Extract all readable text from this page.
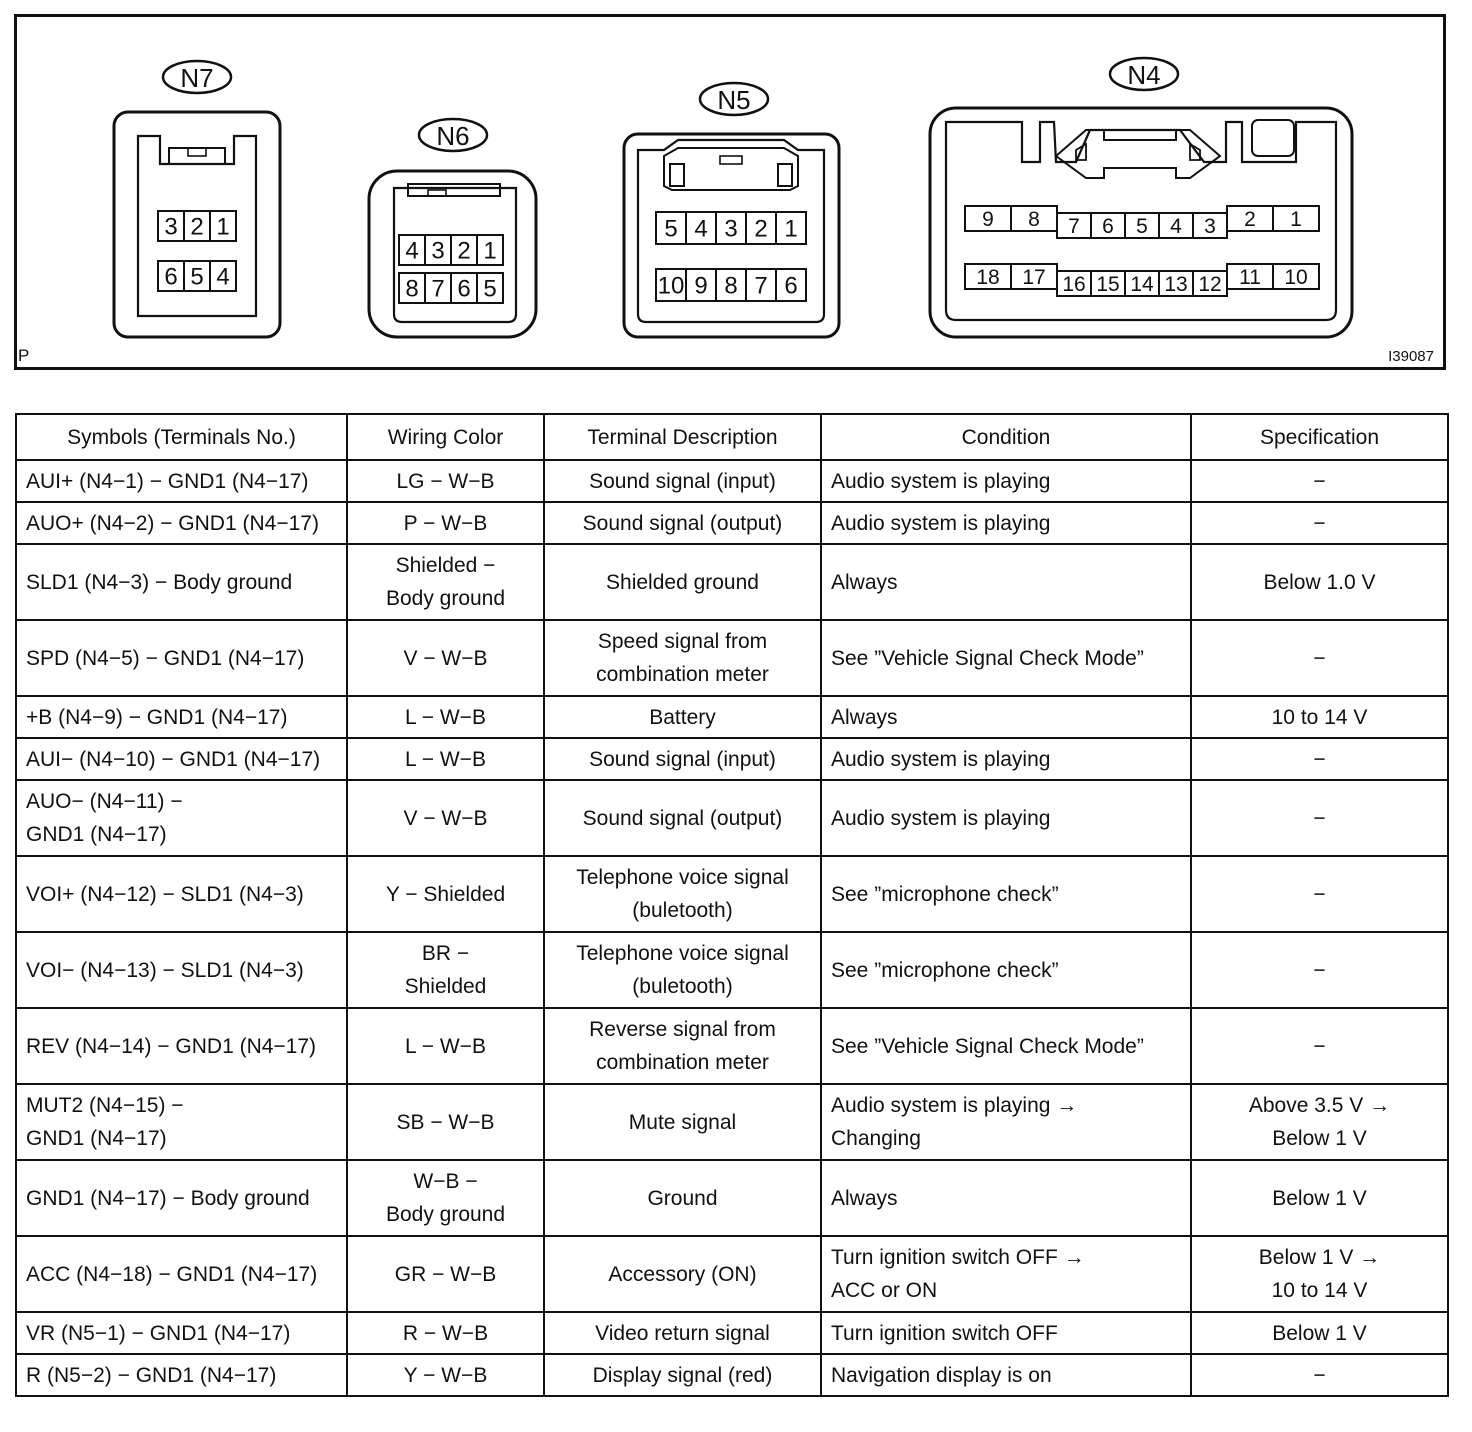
P	I39087
N7
3 2 1
6 5 4
N6
4 3 2 1
8 7 6 5
N5
5 4 3 2 1
10 9 8 7 6
N4
9 8 7 6 5 4 3 2 1
18 17 16 15 14 13 12 11 10
Symbols (Terminals No.)	Wiring Color	Terminal Description	Condition	Specification

AUI+ (N4−1) − GND1 (N4−17)	LG − W−B	Sound signal (input)	Audio system is playing	−

AUO+ (N4−2) − GND1 (N4−17)	P − W−B	Sound signal (output)	Audio system is playing	−

SLD1 (N4−3) − Body ground	Shielded −
Body ground	Shielded ground	Always	Below 1.0 V

SPD (N4−5) − GND1 (N4−17)	V − W−B	Speed signal from
combination meter	See ”Vehicle Signal Check Mode”	−

+B (N4−9) − GND1 (N4−17)	L − W−B	Battery	Always	10 to 14 V

AUI− (N4−10) − GND1 (N4−17)	L − W−B	Sound signal (input)	Audio system is playing	−

AUO− (N4−11) −
GND1 (N4−17)	V − W−B	Sound signal (output)	Audio system is playing	−

VOI+ (N4−12) − SLD1 (N4−3)	Y − Shielded	Telephone voice signal
(buletooth)	See ”microphone check”	−

VOI− (N4−13) − SLD1 (N4−3)	BR −
Shielded	Telephone voice signal
(buletooth)	See ”microphone check”	−

REV (N4−14) − GND1 (N4−17)	L − W−B	Reverse signal from
combination meter	See ”Vehicle Signal Check Mode”	−

MUT2 (N4−15) −
GND1 (N4−17)	SB − W−B	Mute signal	Audio system is playing →
Changing	Above 3.5 V →
Below 1 V

GND1 (N4−17) − Body ground	W−B −
Body ground	Ground	Always	Below 1 V

ACC (N4−18) − GND1 (N4−17)	GR − W−B	Accessory (ON)	Turn ignition switch OFF →
ACC or ON	Below 1 V →
10 to 14 V

VR (N5−1) − GND1 (N4−17)	R − W−B	Video return signal	Turn ignition switch OFF	Below 1 V

R (N5−2) − GND1 (N4−17)	Y − W−B	Display signal (red)	Navigation display is on	−
